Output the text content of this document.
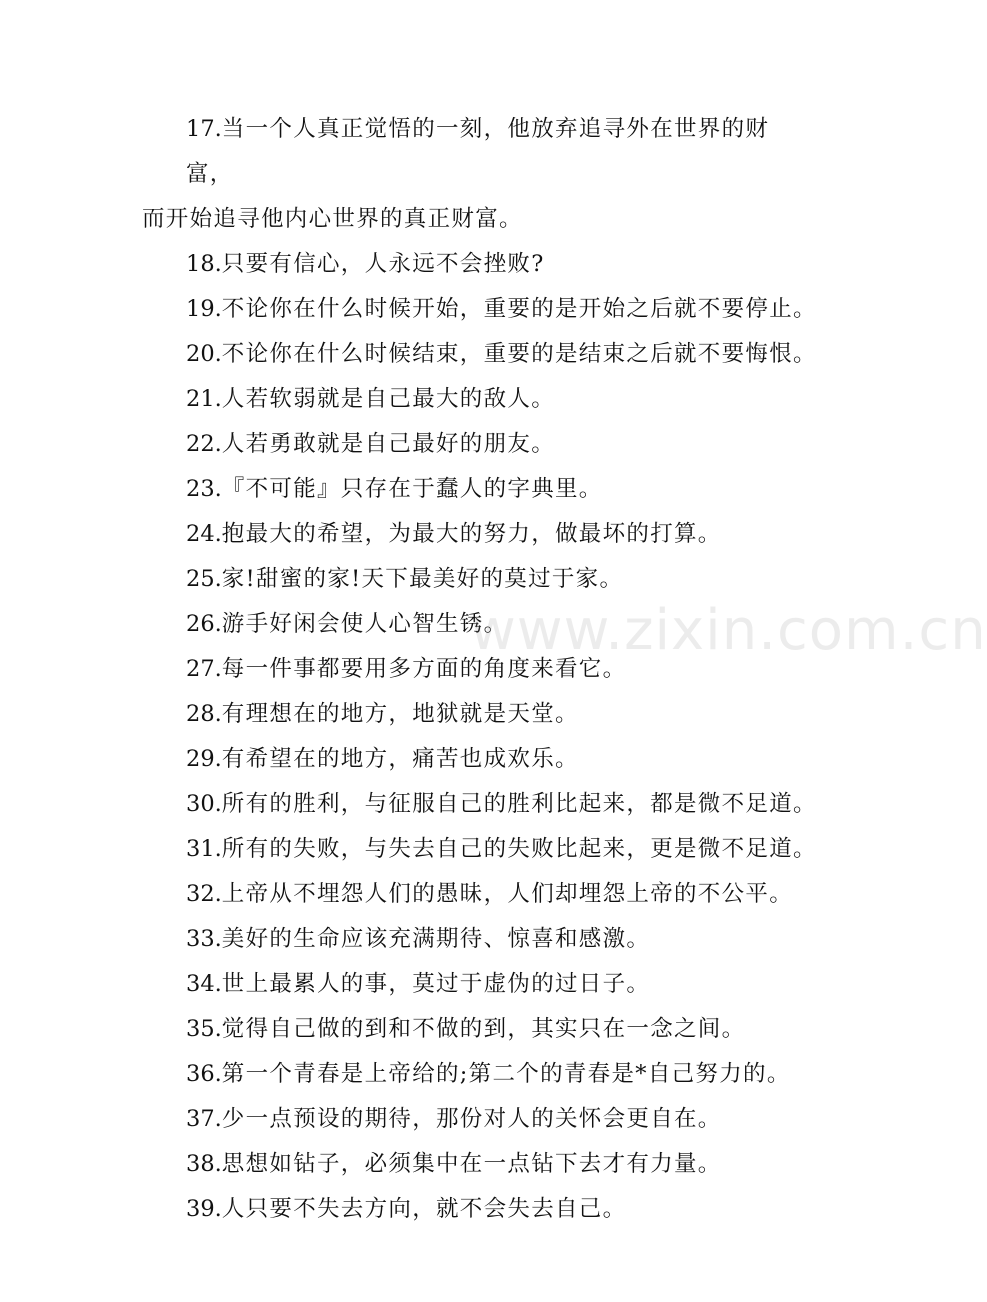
17.当一个人真正觉悟的一刻，他放弃追寻外在世界的财富，
而开始追寻他内心世界的真正财富。

18.只要有信心，人永远不会挫败?

19.不论你在什么时候开始，重要的是开始之后就不要停止。

20.不论你在什么时候结束，重要的是结束之后就不要悔恨。

21.人若软弱就是自己最大的敌人。

22.人若勇敢就是自己最好的朋友。

23.『不可能』只存在于蠢人的字典里。

24.抱最大的希望，为最大的努力，做最坏的打算。

25.家!甜蜜的家!天下最美好的莫过于家。

26.游手好闲会使人心智生锈。

27.每一件事都要用多方面的角度来看它。

28.有理想在的地方，地狱就是天堂。

29.有希望在的地方，痛苦也成欢乐。

30.所有的胜利，与征服自己的胜利比起来，都是微不足道。

31.所有的失败，与失去自己的失败比起来，更是微不足道。

32.上帝从不埋怨人们的愚昧，人们却埋怨上帝的不公平。

33.美好的生命应该充满期待、惊喜和感激。

34.世上最累人的事，莫过于虚伪的过日子。

35.觉得自己做的到和不做的到，其实只在一念之间。

36.第一个青春是上帝给的;第二个的青春是*自己努力的。

37.少一点预设的期待，那份对人的关怀会更自在。

38.思想如钻子，必须集中在一点钻下去才有力量。

39.人只要不失去方向，就不会失去自己。

www.zixin.com.cn
